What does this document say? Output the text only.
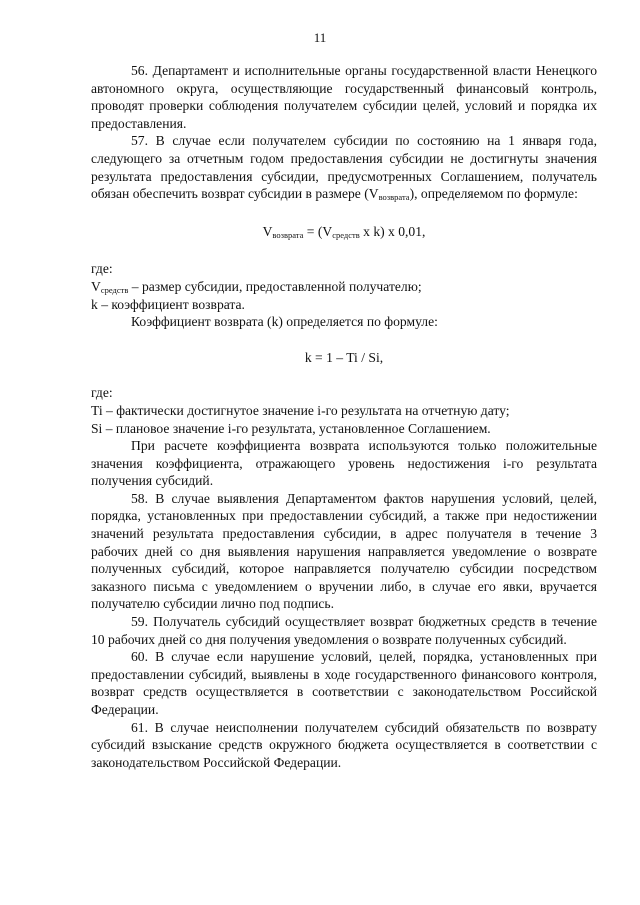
11

56. Департамент и исполнительные органы государственной власти Ненецкого автономного округа, осуществляющие государственный финансовый контроль, проводят проверки соблюдения получателем субсидии целей, условий и порядка их предоставления.

57. В случае если получателем субсидии по состоянию на 1 января года, следующего за отчетным годом предоставления субсидии не достигнуты значения результата предоставления субсидии, предусмотренных Соглашением, получатель обязан обеспечить возврат субсидии в размере $(V_{возврата})$, определяемом по формуле:

$V_{возврата} = (V_{средств}$ x k) x 0,01,

где:

$V_{средств}$ – размер субсидии, предоставленной получателю;

k – коэффициент возврата.

Коэффициент возврата (k) определяется по формуле:

k = 1 – Ti / Si,

где:

Ti – фактически достигнутое значение i-го результата на отчетную дату;

Si – плановое значение i-го результата, установленное Соглашением.

При расчете коэффициента возврата используются только положительные значения коэффициента, отражающего уровень недостижения i-го результата получения субсидий.

58. В случае выявления Департаментом фактов нарушения условий, целей, порядка, установленных при предоставлении субсидий, а также при недостижении значений результата предоставления субсидии, в адрес получателя в течение 3 рабочих дней со дня выявления нарушения направляется уведомление о возврате полученных субсидий, которое направляется получателю субсидии посредством заказного письма с уведомлением о вручении либо, в случае его явки, вручается получателю субсидии лично под подпись.

59. Получатель субсидий осуществляет возврат бюджетных средств в течение 10 рабочих дней со дня получения уведомления о возврате полученных субсидий.

60. В случае если нарушение условий, целей, порядка, установленных при предоставлении субсидий, выявлены в ходе государственного финансового контроля, возврат средств осуществляется в соответствии с законодательством Российской Федерации.

61. В случае неисполнении получателем субсидий обязательств по возврату субсидий взыскание средств окружного бюджета осуществляется в соответствии с законодательством Российской Федерации.
